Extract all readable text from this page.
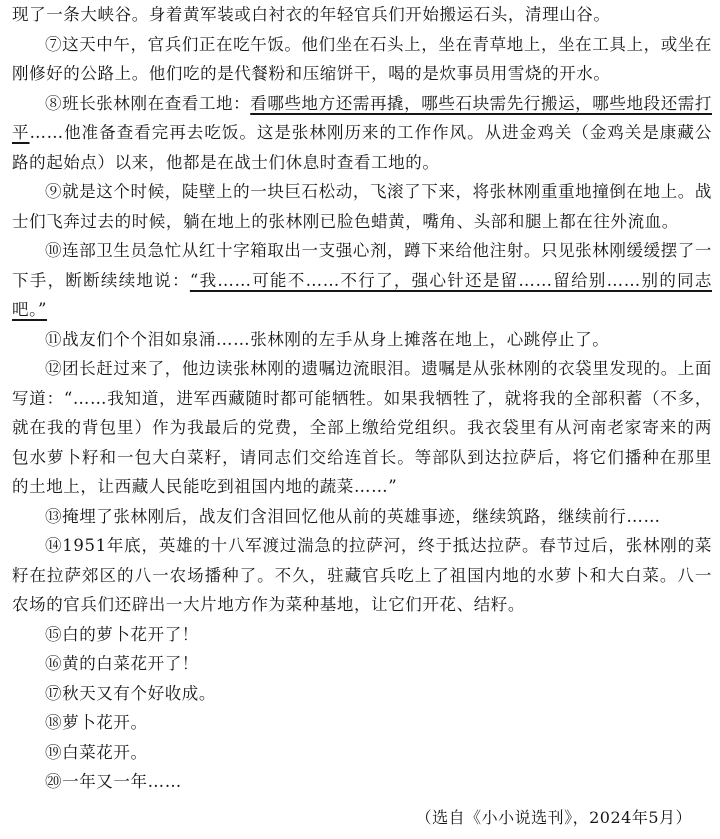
现了一条大峡谷。身着黄军装或白衬衣的年轻官兵们开始搬运石头，清理山谷。

⑦这天中午，官兵们正在吃午饭。他们坐在石头上，坐在青草地上，坐在工具上，或坐在刚修好的公路上。他们吃的是代餐粉和压缩饼干，喝的是炊事员用雪烧的开水。

⑧班长张林刚在查看工地：看哪些地方还需再撬，哪些石块需先行搬运，哪些地段还需打平……他准备查看完再去吃饭。这是张林刚历来的工作作风。从进金鸡关（金鸡关是康藏公路的起始点）以来，他都是在战士们休息时查看工地的。

⑨就是这个时候，陡壁上的一块巨石松动，飞滚了下来，将张林刚重重地撞倒在地上。战士们飞奔过去的时候，躺在地上的张林刚已脸色蜡黄，嘴角、头部和腿上都在往外流血。

⑩连部卫生员急忙从红十字箱取出一支强心剂，蹲下来给他注射。只见张林刚缓缓摆了一下手，断断续续地说：“我……可能不……不行了，强心针还是留……留给别……别的同志吧。”

⑪战友们个个泪如泉涌……张林刚的左手从身上摊落在地上，心跳停止了。

⑫团长赶过来了，他边读张林刚的遗嘱边流眼泪。遗嘱是从张林刚的衣袋里发现的。上面写道：“……我知道，进军西藏随时都可能牺牲。如果我牺牲了，就将我的全部积蓄（不多，就在我的背包里）作为我最后的党费，全部上缴给党组织。我衣袋里有从河南老家寄来的两包水萝卜籽和一包大白菜籽，请同志们交给连首长。等部队到达拉萨后，将它们播种在那里的土地上，让西藏人民能吃到祖国内地的蔬菜……”

⑬掩埋了张林刚后，战友们含泪回忆他从前的英雄事迹，继续筑路，继续前行……

⑭1951年底，英雄的十八军渡过湍急的拉萨河，终于抵达拉萨。春节过后，张林刚的菜籽在拉萨郊区的八一农场播种了。不久，驻藏官兵吃上了祖国内地的水萝卜和大白菜。八一农场的官兵们还辟出一大片地方作为菜种基地，让它们开花、结籽。

⑮白的萝卜花开了！

⑯黄的白菜花开了！

⑰秋天又有个好收成。

⑱萝卜花开。

⑲白菜花开。

⑳一年又一年……

（选自《小小说选刊》，2024年5月）
